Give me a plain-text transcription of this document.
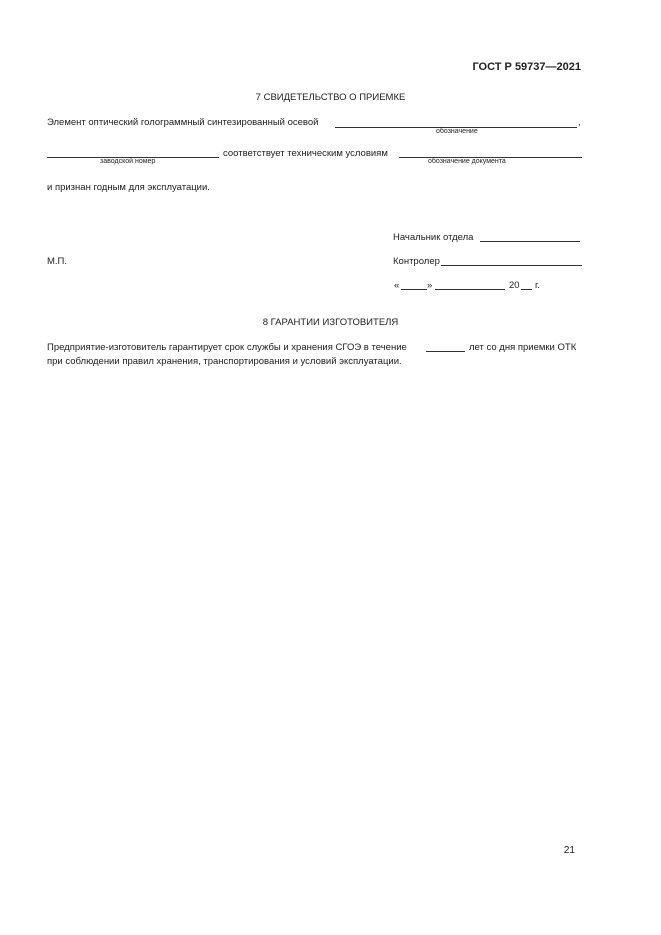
ГОСТ Р 59737—2021
7 СВИДЕТЕЛЬСТВО О ПРИЕМКЕ
Элемент оптический голограммный синтезированный осевой	,
обозначение
соответствует техническим условиям
заводской номер	обозначение документа
и признан годным для эксплуатации.
Начальник отдела
М.П.	Контролер
«	»	20 г.
8 ГАРАНТИИ ИЗГОТОВИТЕЛЯ
Предприятие-изготовитель гарантирует срок службы и хранения СГОЭ в течение	лет со дня приемки ОТК
при соблюдении правил хранения, транспортирования и условий эксплуатации.
21
